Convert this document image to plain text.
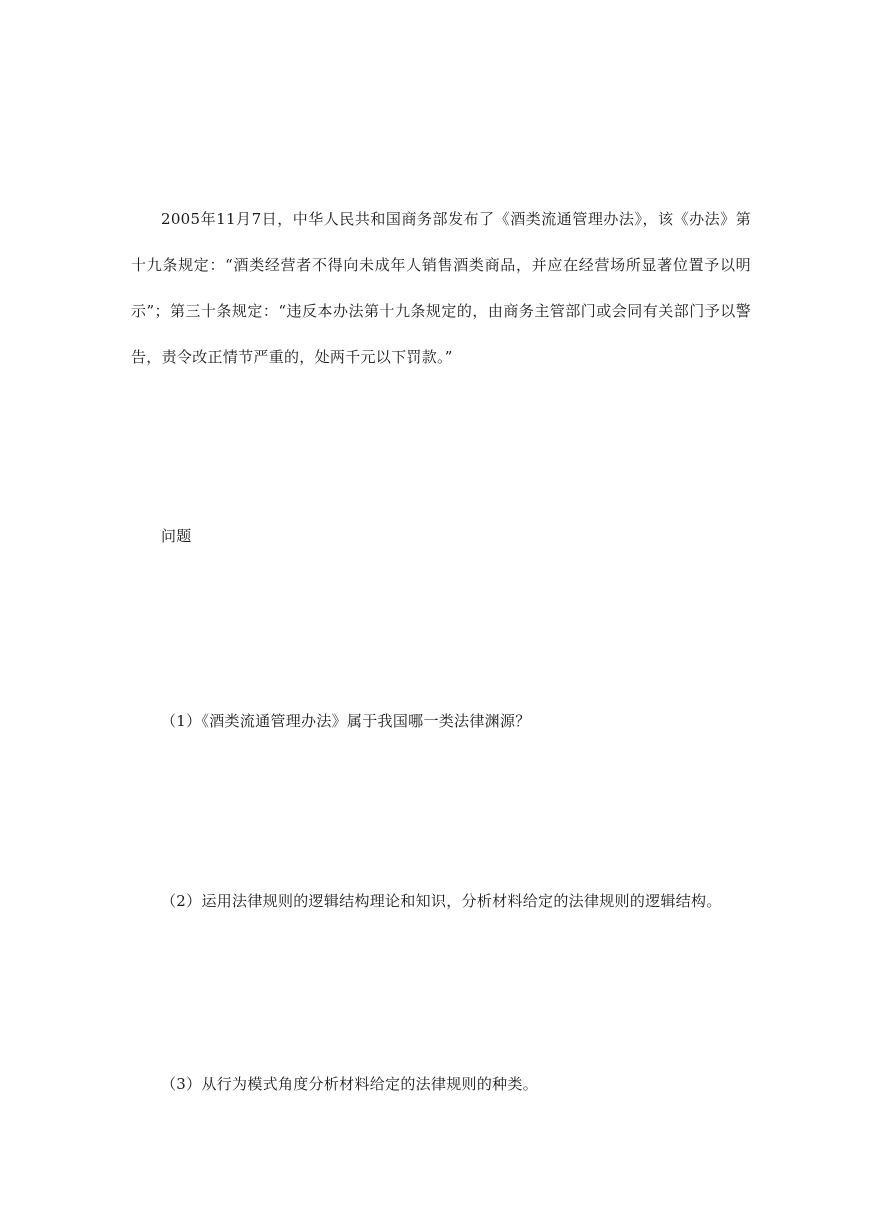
2005年11月7日，中华人民共和国商务部发布了《酒类流通管理办法》，该《办法》第十九条规定：“酒类经营者不得向未成年人销售酒类商品，并应在经营场所显著位置予以明示”；第三十条规定：“违反本办法第十九条规定的，由商务主管部门或会同有关部门予以警告，责令改正情节严重的，处两千元以下罚款。”

问题

（1）《酒类流通管理办法》属于我国哪一类法律渊源？

（2）运用法律规则的逻辑结构理论和知识，分析材料给定的法律规则的逻辑结构。

（3）从行为模式角度分析材料给定的法律规则的种类。
